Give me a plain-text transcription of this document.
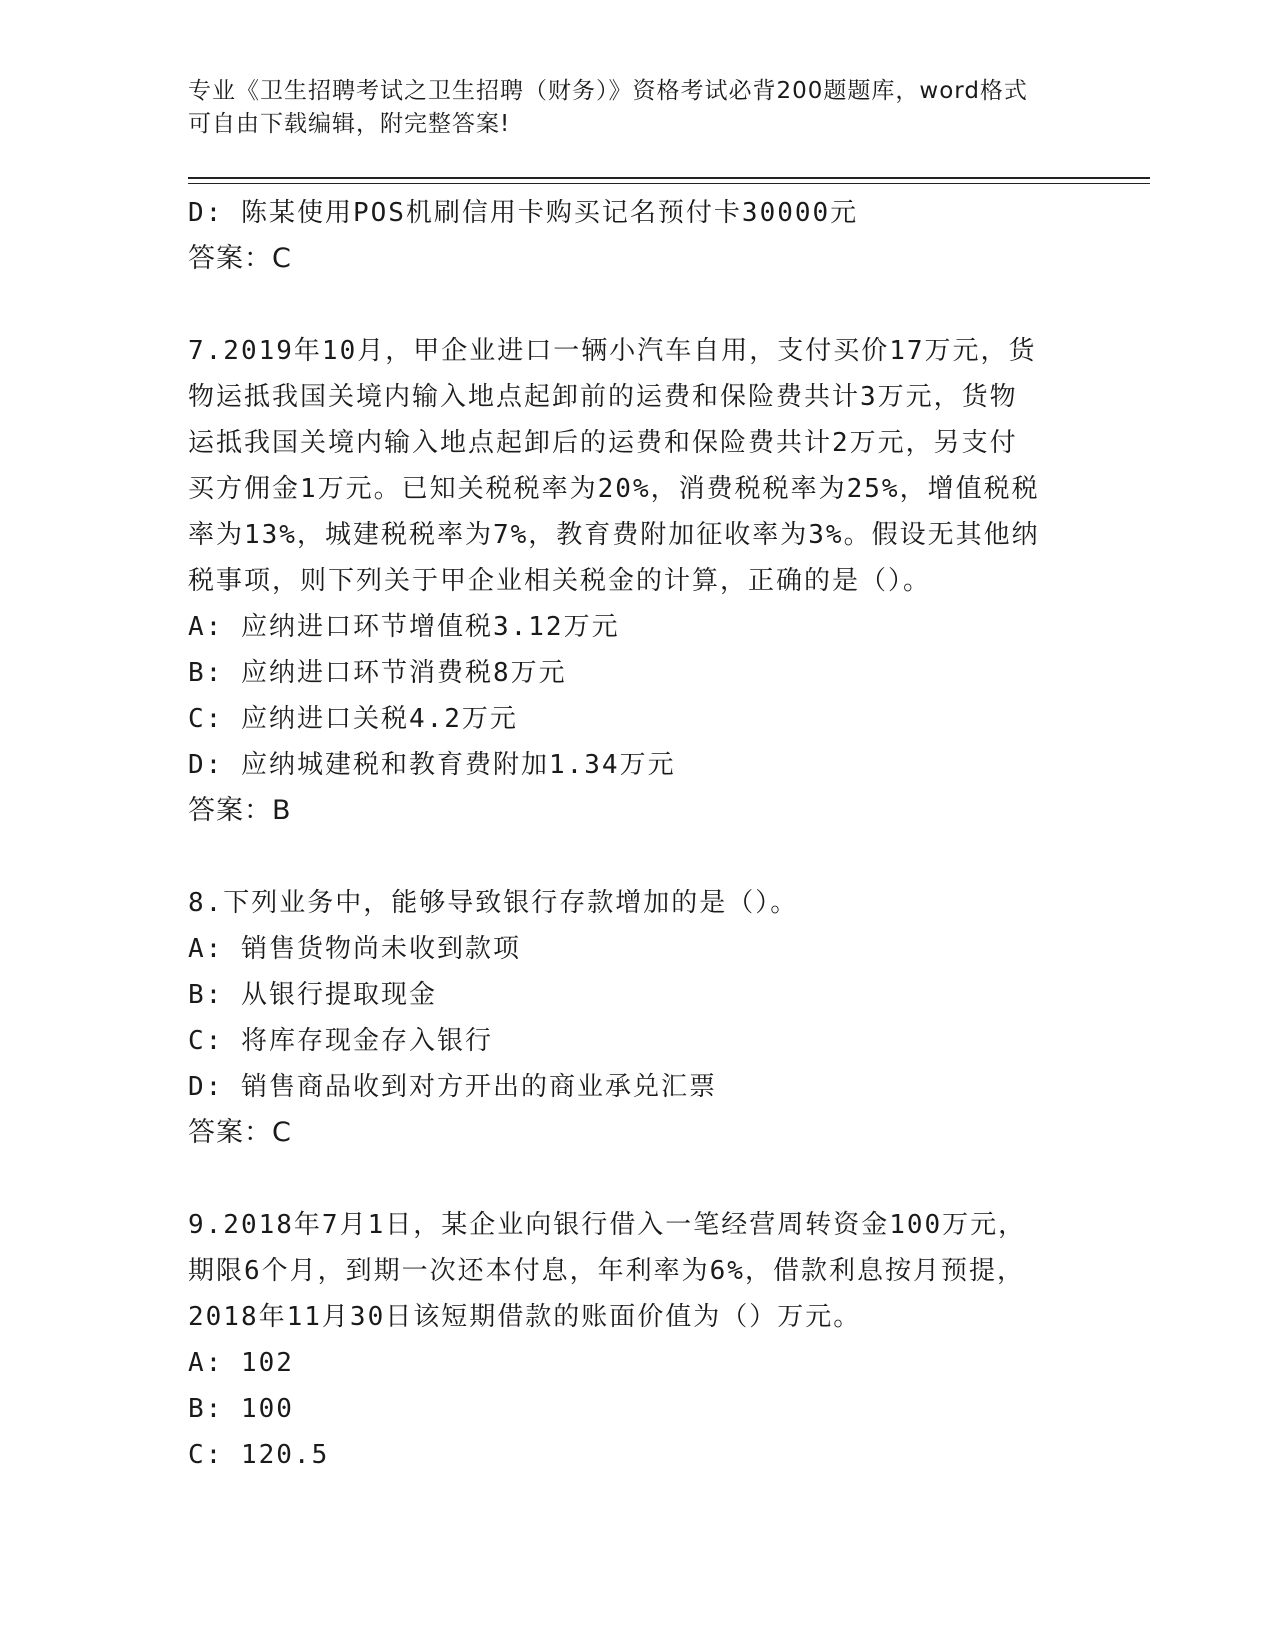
专业《卫生招聘考试之卫生招聘（财务）》资格考试必背200题题库，word格式
可自由下载编辑，附完整答案!
D: 陈某使用POS机刷信用卡购买记名预付卡30000元
答案：C
7.2019年10月，甲企业进口一辆小汽车自用，支付买价17万元，货
物运抵我国关境内输入地点起卸前的运费和保险费共计3万元，货物
运抵我国关境内输入地点起卸后的运费和保险费共计2万元，另支付
买方佣金1万元。已知关税税率为20%，消费税税率为25%，增值税税
率为13%，城建税税率为7%，教育费附加征收率为3%。假设无其他纳
税事项，则下列关于甲企业相关税金的计算，正确的是（）。
A: 应纳进口环节增值税3.12万元
B: 应纳进口环节消费税8万元
C: 应纳进口关税4.2万元
D: 应纳城建税和教育费附加1.34万元
答案：B
8.下列业务中，能够导致银行存款增加的是（）。
A: 销售货物尚未收到款项
B: 从银行提取现金
C: 将库存现金存入银行
D: 销售商品收到对方开出的商业承兑汇票
答案：C
9.2018年7月1日，某企业向银行借入一笔经营周转资金100万元，
期限6个月，到期一次还本付息，年利率为6%，借款利息按月预提，
2018年11月30日该短期借款的账面价值为（）万元。
A: 102
B: 100
C: 120.5
